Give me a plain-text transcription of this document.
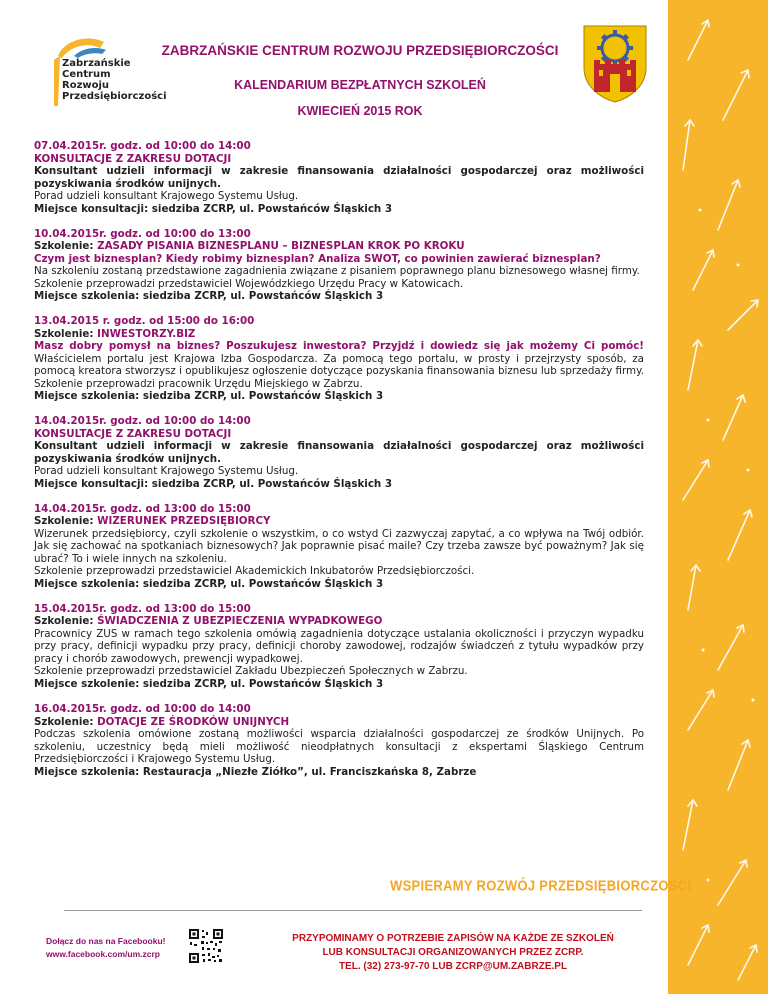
Zabrzańskie
Centrum
Rozwoju
Przedsiębiorczości
ZABRZAŃSKIE CENTRUM ROZWOJU PRZEDSIĘBIORCZOŚCI
KALENDARIUM BEZPŁATNYCH SZKOLEŃ
KWIECIEŃ 2015 ROK
07.04.2015r. godz. od 10:00 do 14:00
KONSULTACJE Z ZAKRESU DOTACJI
Konsultant udzieli informacji w zakresie finansowania działalności gospodarczej oraz możliwości pozyskiwania środków unijnych.
Porad udzieli konsultant Krajowego Systemu Usług.
Miejsce konsultacji: siedziba ZCRP, ul. Powstańców Śląskich 3
10.04.2015r. godz. od 10:00 do 13:00
Szkolenie: ZASADY PISANIA BIZNESPLANU – BIZNESPLAN KROK PO KROKU
Czym jest biznesplan? Kiedy robimy biznesplan? Analiza SWOT, co powinien zawierać biznesplan?
Na szkoleniu zostaną przedstawione zagadnienia związane z pisaniem poprawnego planu biznesowego własnej firmy.
Szkolenie przeprowadzi przedstawiciel Wojewódzkiego Urzędu Pracy w Katowicach.
Miejsce szkolenia: siedziba ZCRP, ul. Powstańców Śląskich 3
13.04.2015 r. godz. od 15:00 do 16:00
Szkolenie: INWESTORZY.BIZ
Masz dobry pomysł na biznes? Poszukujesz inwestora? Przyjdź i dowiedz się jak możemy Ci pomóc! Właścicielem portalu jest Krajowa Izba Gospodarcza. Za pomocą tego portalu, w prosty i przejrzysty sposób, za pomocą kreatora stworzysz i opublikujesz ogłoszenie dotyczące pozyskania finansowania biznesu lub sprzedaży firmy.
Szkolenie przeprowadzi pracownik Urzędu Miejskiego w Zabrzu.
Miejsce szkolenia: siedziba ZCRP, ul. Powstańców Śląskich 3
14.04.2015r. godz. od 10:00 do 14:00
KONSULTACJE Z ZAKRESU DOTACJI
Konsultant udzieli informacji w zakresie finansowania działalności gospodarczej oraz możliwości pozyskiwania środków unijnych.
Porad udzieli konsultant Krajowego Systemu Usług.
Miejsce konsultacji: siedziba ZCRP, ul. Powstańców Śląskich 3
14.04.2015r. godz. od 13:00 do 15:00
Szkolenie: WIZERUNEK PRZEDSIĘBIORCY
Wizerunek przedsiębiorcy, czyli szkolenie o wszystkim, o co wstyd Ci zazwyczaj zapytać, a co wpływa na Twój odbiór. Jak się zachować na spotkaniach biznesowych? Jak poprawnie pisać maile? Czy trzeba zawsze być poważnym? Jak się ubrać? To i wiele innych na szkoleniu.
Szkolenie przeprowadzi przedstawiciel Akademickich Inkubatorów Przedsiębiorczości.
Miejsce szkolenia: siedziba ZCRP, ul. Powstańców Śląskich 3
15.04.2015r. godz. od 13:00 do 15:00
Szkolenie: ŚWIADCZENIA Z UBEZPIECZENIA WYPADKOWEGO
Pracownicy ZUS w ramach tego szkolenia omówią zagadnienia dotyczące ustalania okoliczności i przyczyn wypadku przy pracy, definicji wypadku przy pracy, definicji choroby zawodowej, rodzajów świadczeń z tytułu wypadków przy pracy i chorób zawodowych, prewencji wypadkowej.
Szkolenie przeprowadzi przedstawiciel Zakładu Ubezpieczeń Społecznych w Zabrzu.
Miejsce szkolenie: siedziba ZCRP, ul. Powstańców Śląskich 3
16.04.2015r. godz. od 10:00 do 14:00
Szkolenie: DOTACJE ZE ŚRODKÓW UNIJNYCH
Podczas szkolenia omówione zostaną możliwości wsparcia działalności gospodarczej ze środków Unijnych. Po szkoleniu, uczestnicy będą mieli możliwość nieodpłatnych konsultacji z ekspertami Śląskiego Centrum Przedsiębiorczości i Krajowego Systemu Usług.
Miejsce szkolenia: Restauracja „Niezłe Ziółko”, ul. Franciszkańska 8, Zabrze
WSPIERAMY ROZWÓJ PRZEDSIĘBIORCZOŚCI
Dołącz do nas na Facebooku!
www.facebook.com/um.zcrp
PRZYPOMINAMY O POTRZEBIE ZAPISÓW NA KAŻDE ZE SZKOLEŃ
LUB KONSULTACJI ORGANIZOWANYCH PRZEZ ZCRP.
TEL. (32) 273-97-70 LUB ZCRP@UM.ZABRZE.PL
